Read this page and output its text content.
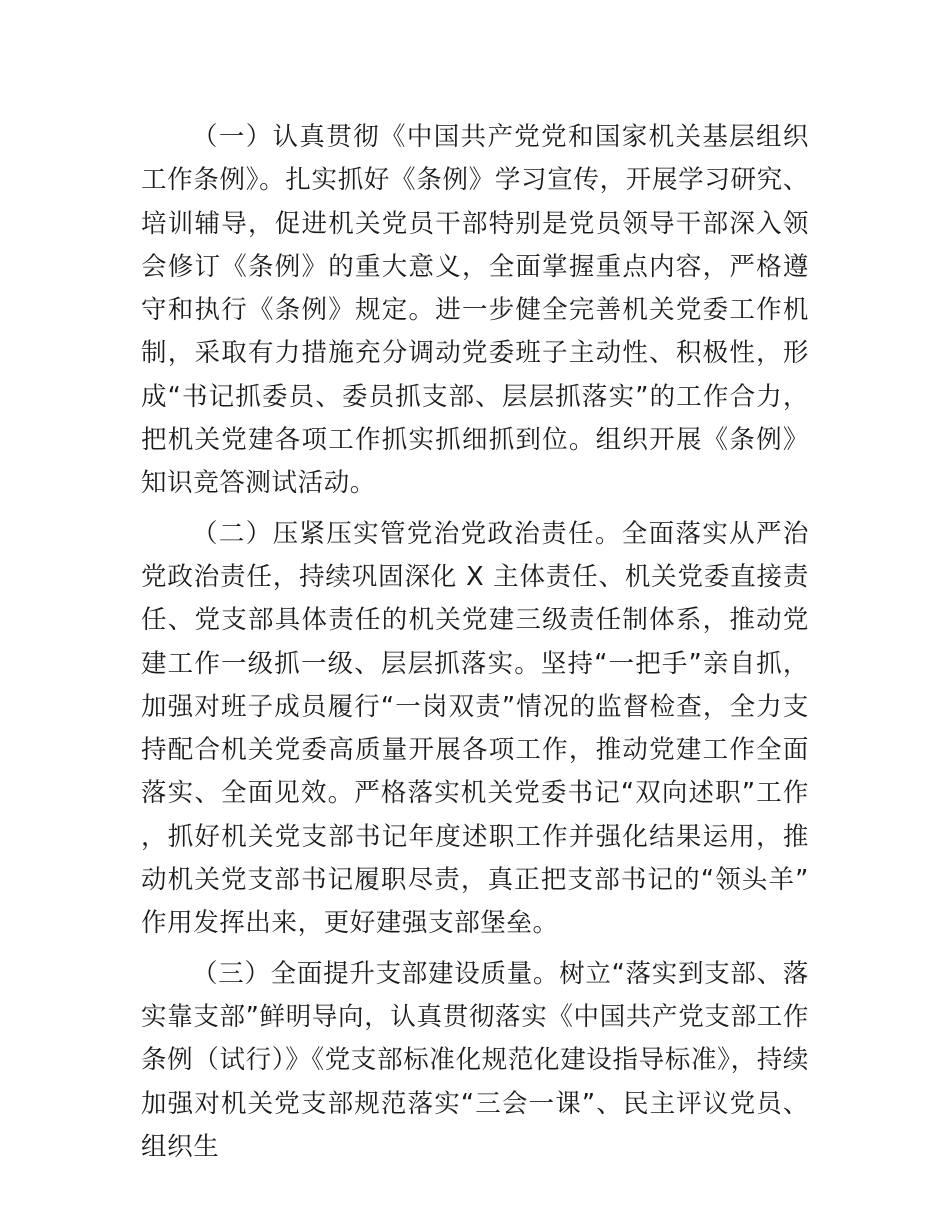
（一）认真贯彻《中国共产党党和国家机关基层组织工作条例》。扎实抓好《条例》学习宣传，开展学习研究、培训辅导，促进机关党员干部特别是党员领导干部深入领会修订《条例》的重大意义，全面掌握重点内容，严格遵守和执行《条例》规定。进一步健全完善机关党委工作机制，采取有力措施充分调动党委班子主动性、积极性，形成“书记抓委员、委员抓支部、层层抓落实”的工作合力，把机关党建各项工作抓实抓细抓到位。组织开展《条例》知识竞答测试活动。

（二）压紧压实管党治党政治责任。全面落实从严治党政治责任，持续巩固深化 X 主体责任、机关党委直接责任、党支部具体责任的机关党建三级责任制体系，推动党建工作一级抓一级、层层抓落实。坚持“一把手”亲自抓，加强对班子成员履行“一岗双责”情况的监督检查，全力支持配合机关党委高质量开展各项工作，推动党建工作全面落实、全面见效。严格落实机关党委书记“双向述职”工作，抓好机关党支部书记年度述职工作并强化结果运用，推动机关党支部书记履职尽责，真正把支部书记的“领头羊”作用发挥出来，更好建强支部堡垒。

（三）全面提升支部建设质量。树立“落实到支部、落实靠支部”鲜明导向，认真贯彻落实《中国共产党支部工作条例（试行）》《党支部标准化规范化建设指导标准》，持续加强对机关党支部规范落实“三会一课”、民主评议党员、组织生
